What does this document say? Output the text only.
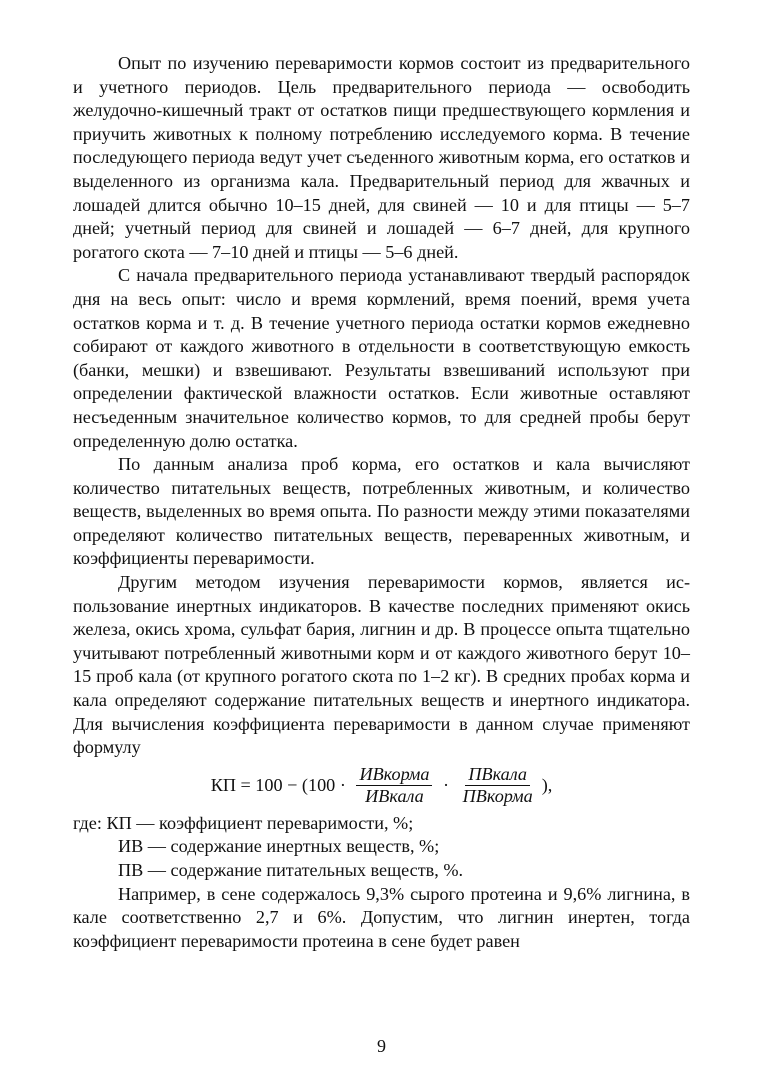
Опыт по изучению переваримости кормов состоит из предварительного и учетного периодов. Цель предварительного периода — освободить желудочно-кишечный тракт от остатков пищи предшествующего кормления и приучить животных к полному потреблению исследуемого корма. В течение последующего периода ведут учет съеденного животным корма, его остатков и выделенного из организма кала. Предварительный период для жвачных и лошадей длится обычно 10–15 дней, для свиней — 10 и для птицы — 5–7 дней; учетный период для свиней и лошадей — 6–7 дней, для крупного рогатого скота — 7–10 дней и птицы — 5–6 дней.

С начала предварительного периода устанавливают твердый распорядок дня на весь опыт: число и время кормлений, время поений, время учета остатков корма и т. д. В течение учетного периода остатки кормов ежедневно собирают от каждого животного в отдельности в соответствующую емкость (банки, мешки) и взвешивают. Результаты взвешиваний используют при определении фактической влажности остатков. Если животные оставляют несъеденным значительное количество кормов, то для средней пробы берут определенную долю остатка.

По данным анализа проб корма, его остатков и кала вычисляют количество питательных веществ, потребленных животным, и количество веществ, выделенных во время опыта. По разности между этими показателями определяют количество питательных веществ, переваренных животным, и коэффициенты переваримости.

Другим методом изучения переваримости кормов, является использование инертных индикаторов. В качестве последних применяют окись железа, окись хрома, сульфат бария, лигнин и др. В процессе опыта тщательно учитывают потребленный животными корм и от каждого животного берут 10–15 проб кала (от крупного рогатого скота по 1–2 кг). В средних пробах корма и кала определяют содержание питательных веществ и инертного индикатора. Для вычисления коэффициента переваримости в данном случае применяют формулу

КП = $100 - (100 \cdot \frac{\text{ИВкорма}}{\text{ИВкала}} \cdot \frac{\text{ПВкала}}{\text{ПВкорма}}$ ),

где: КП — коэффициент переваримости, %;

ИВ — содержание инертных веществ, %;

ПВ — содержание питательных веществ, %.

Например, в сене содержалось 9,3% сырого протеина и 9,6% лигнина, в кале соответственно 2,7 и 6%. Допустим, что лигнин инертен, тогда коэффициент переваримости протеина в сене будет равен

9
